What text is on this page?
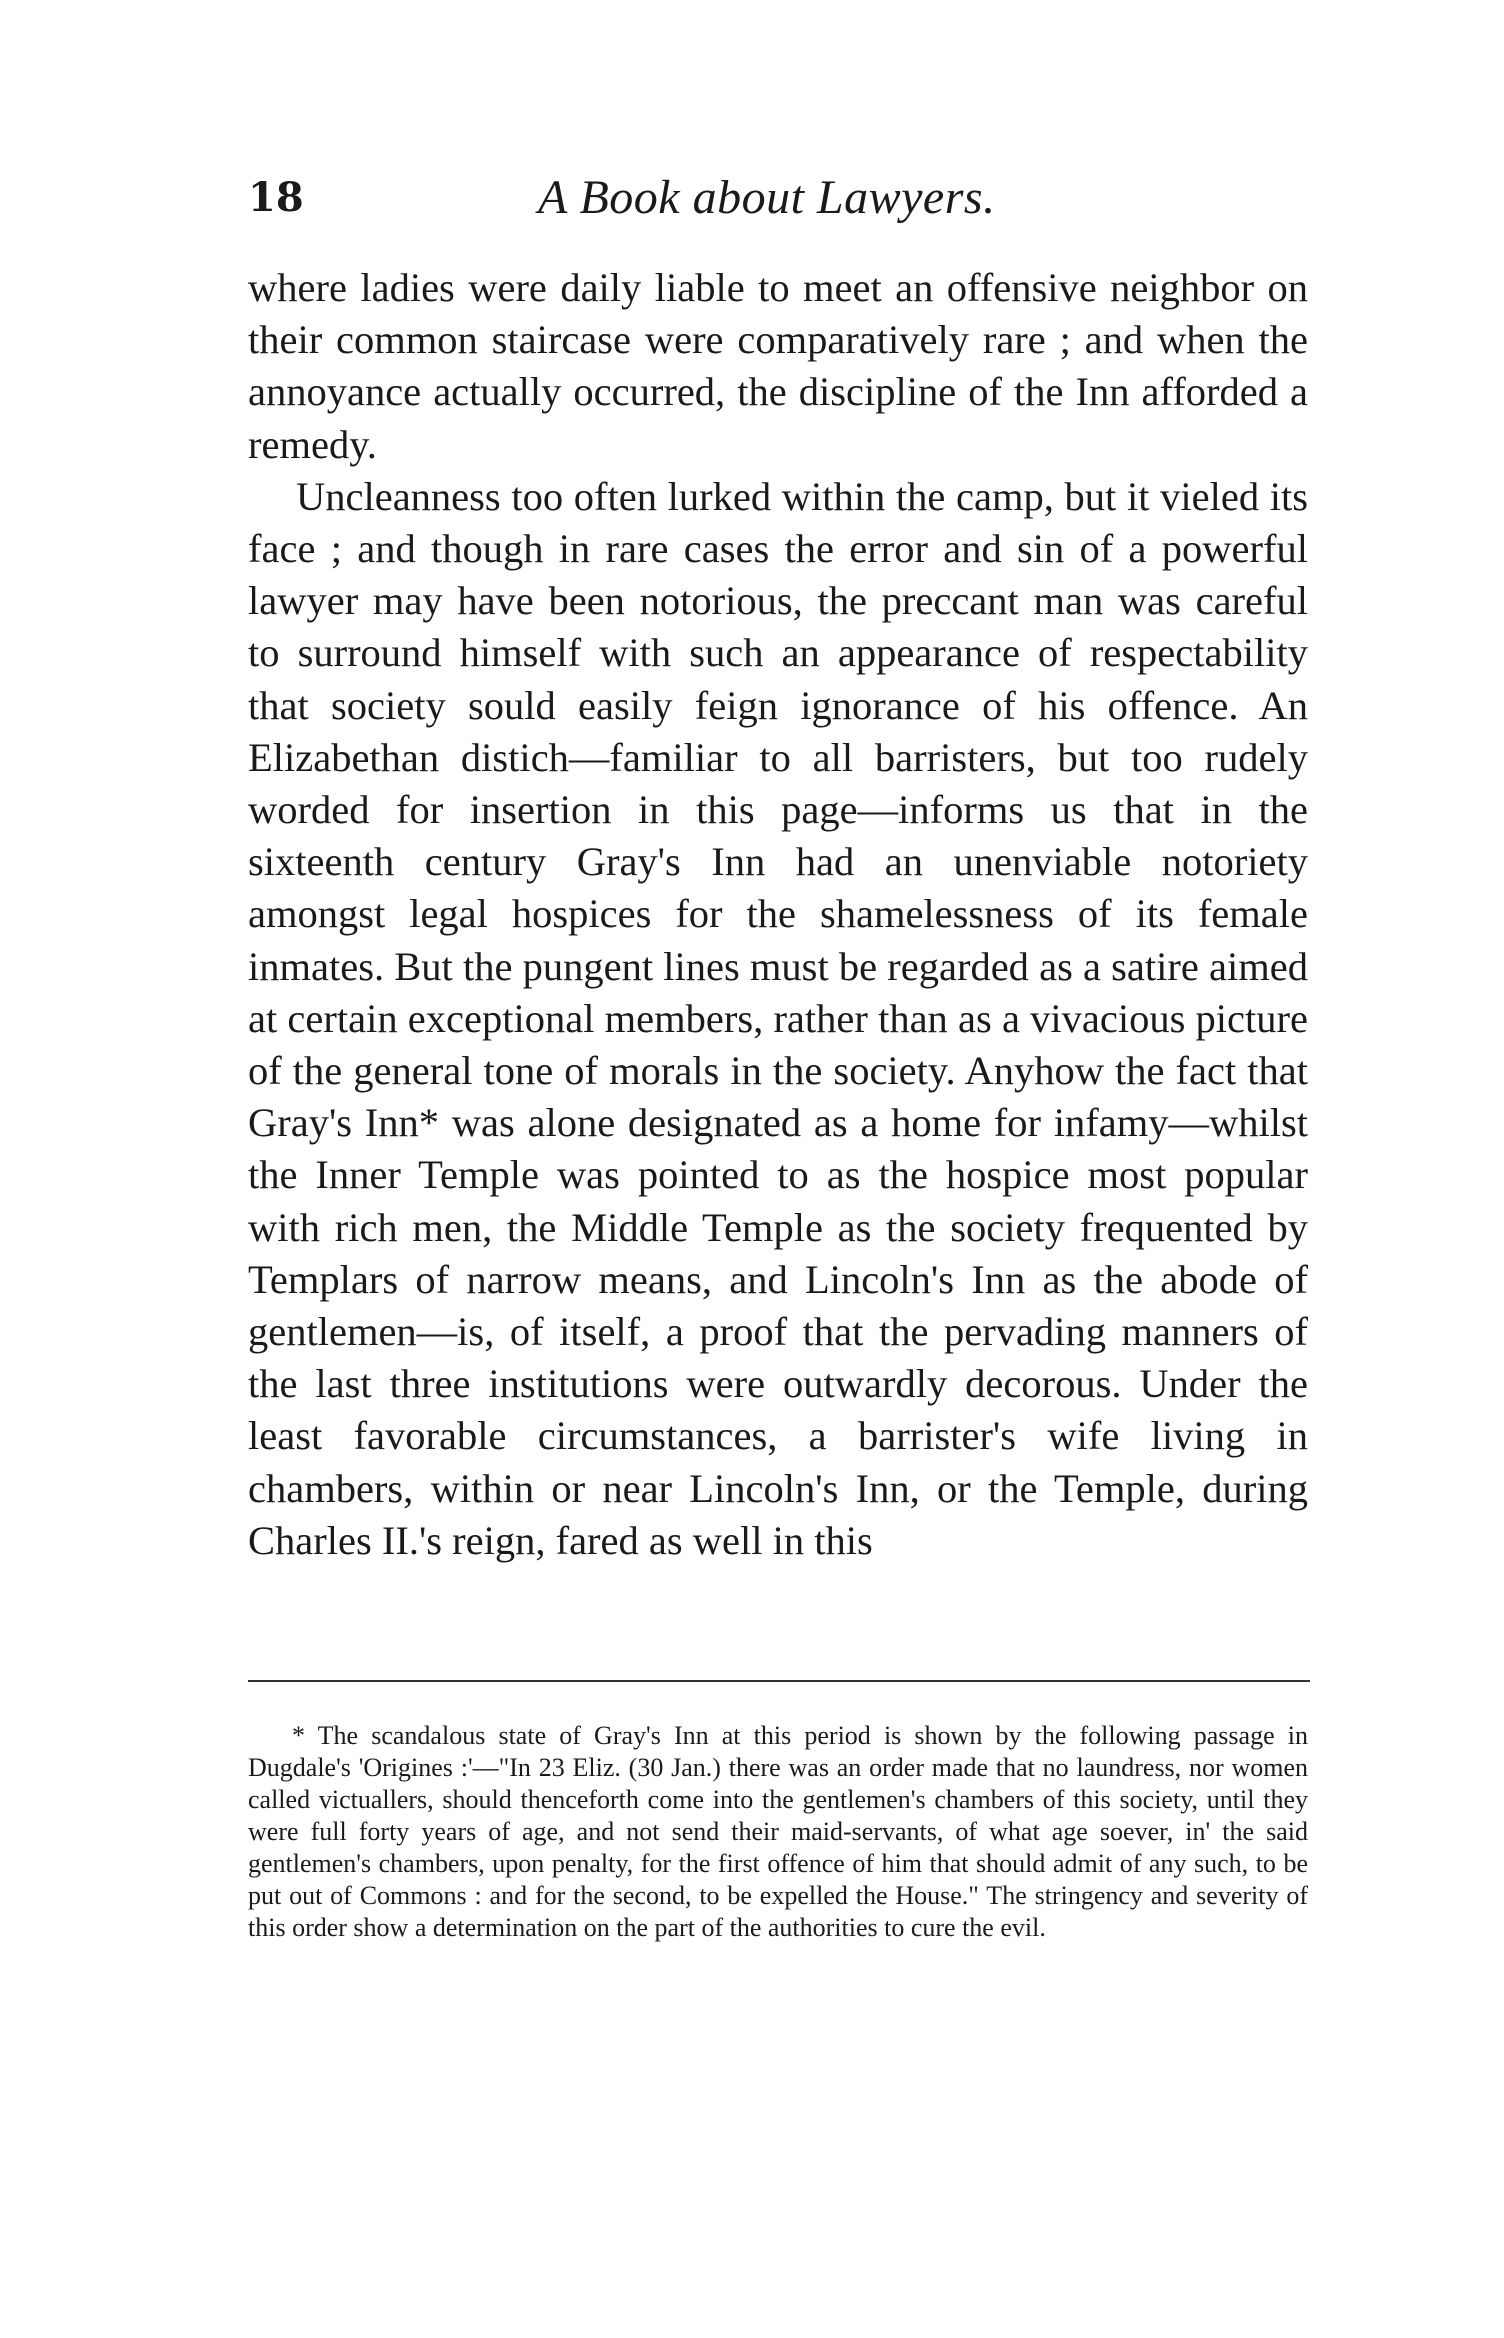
18	A Book about Lawyers.

where ladies were daily liable to meet an offensive neighbor on their common staircase were comparatively rare ; and when the annoyance actually occurred, the discipline of the Inn afforded a remedy.

Uncleanness too often lurked within the camp, but it vieled its face ; and though in rare cases the error and sin of a powerful lawyer may have been notorious, the preccant man was careful to surround himself with such an appearance of respectability that society sould easily feign ignorance of his offence. An Elizabethan distich—familiar to all barristers, but too rudely worded for insertion in this page—informs us that in the sixteenth century Gray's Inn had an unenviable notoriety amongst legal hospices for the shamelessness of its female inmates. But the pungent lines must be regarded as a satire aimed at certain exceptional members, rather than as a vivacious picture of the general tone of morals in the society. Anyhow the fact that Gray's Inn* was alone designated as a home for infamy—whilst the Inner Temple was pointed to as the hospice most popular with rich men, the Middle Temple as the society frequented by Templars of narrow means, and Lincoln's Inn as the abode of gentlemen—is, of itself, a proof that the pervading manners of the last three institutions were outwardly decorous. Under the least favorable circumstances, a barrister's wife living in chambers, within or near Lincoln's Inn, or the Temple, during Charles II.'s reign, fared as well in this

* The scandalous state of Gray's Inn at this period is shown by the following passage in Dugdale's 'Origines :'—"In 23 Eliz. (30 Jan.) there was an order made that no laundress, nor women called victuallers, should thenceforth come into the gentlemen's chambers of this society, until they were full forty years of age, and not send their maid-servants, of what age soever, in' the said gentlemen's chambers, upon penalty, for the first offence of him that should admit of any such, to be put out of Commons : and for the second, to be expelled the House." The stringency and severity of this order show a determination on the part of the authorities to cure the evil.
